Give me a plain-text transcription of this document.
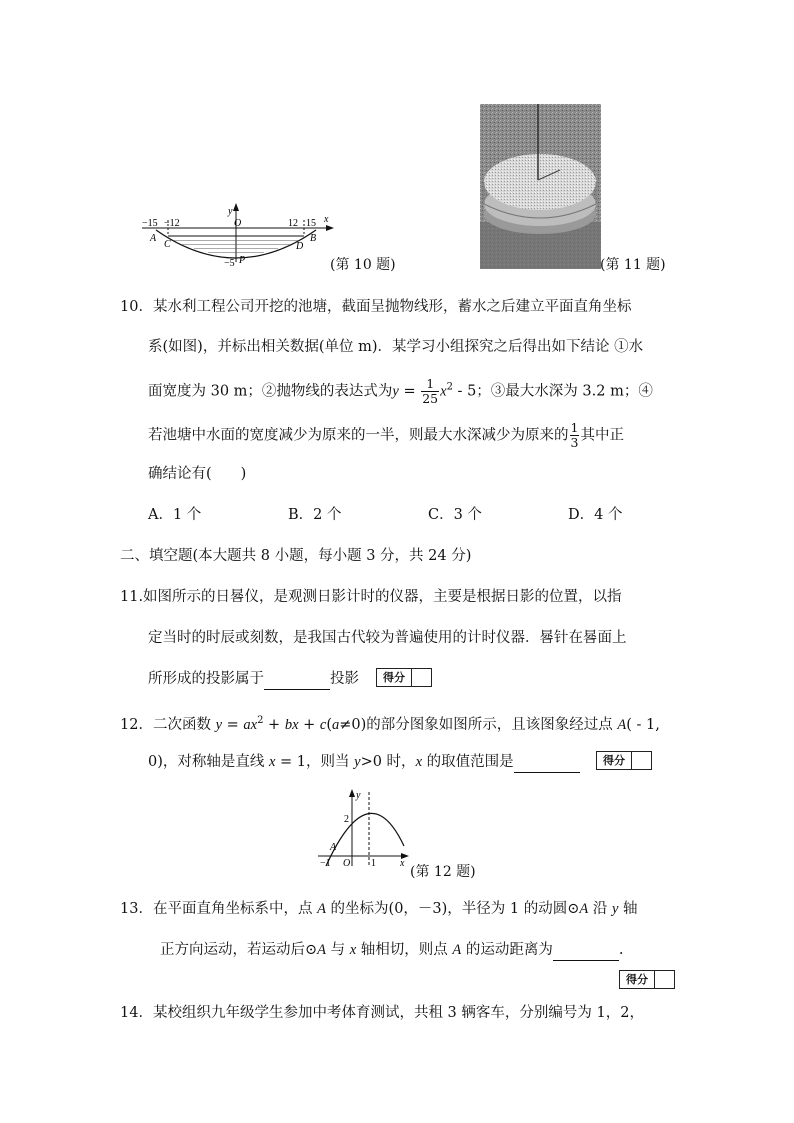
y
x
O
−15 −12	12 15
A
C
B
D
−5 P	(第 10 题)	(第 11 题)
10．某水利工程公司开挖的池塘，截面呈抛物线形，蓄水之后建立平面直角坐标
系(如图)，并标出相关数据(单位 m)．某学习小组探究之后得出如下结论 ①水
面宽度为 30 m；②抛物线的表达式为$y = \frac{1}{25} x^2 - 5$；③最大水深为 3.2 m；④
若池塘中水面的宽度减少为原来的一半，则最大水深减少为原来的 $\frac{1}{3}$ 其中正
确结论有(　　)
A．1 个	B．2 个	C．3 个	D．4 个
二、填空题(本大题共 8 小题，每小题 3 分，共 24 分)
11.如图所示的日晷仪，是观测日影计时的仪器，主要是根据日影的位置，以指
定当时的时辰或刻数，是我国古代较为普遍使用的计时仪器．晷针在晷面上
所形成的投影属于	投影	得分
12．二次函数 $y = ax^2$ + bx + c(a≠0)的部分图象如图所示，且该图象经过点 A( - 1,
0)，对称轴是直线 x = 1，则当 y>0 时，x 的取值范围是	得分
y
x
2
A
−1 O 1
(第 12 题)
13．在平面直角坐标系中，点 A 的坐标为(0，－3)，半径为 1 的动圆⊙A 沿 y 轴
正方向运动，若运动后⊙A 与 x 轴相切，则点 A 的运动距离为	.
得分
14．某校组织九年级学生参加中考体育测试，共租 3 辆客车，分别编号为 1，2，
